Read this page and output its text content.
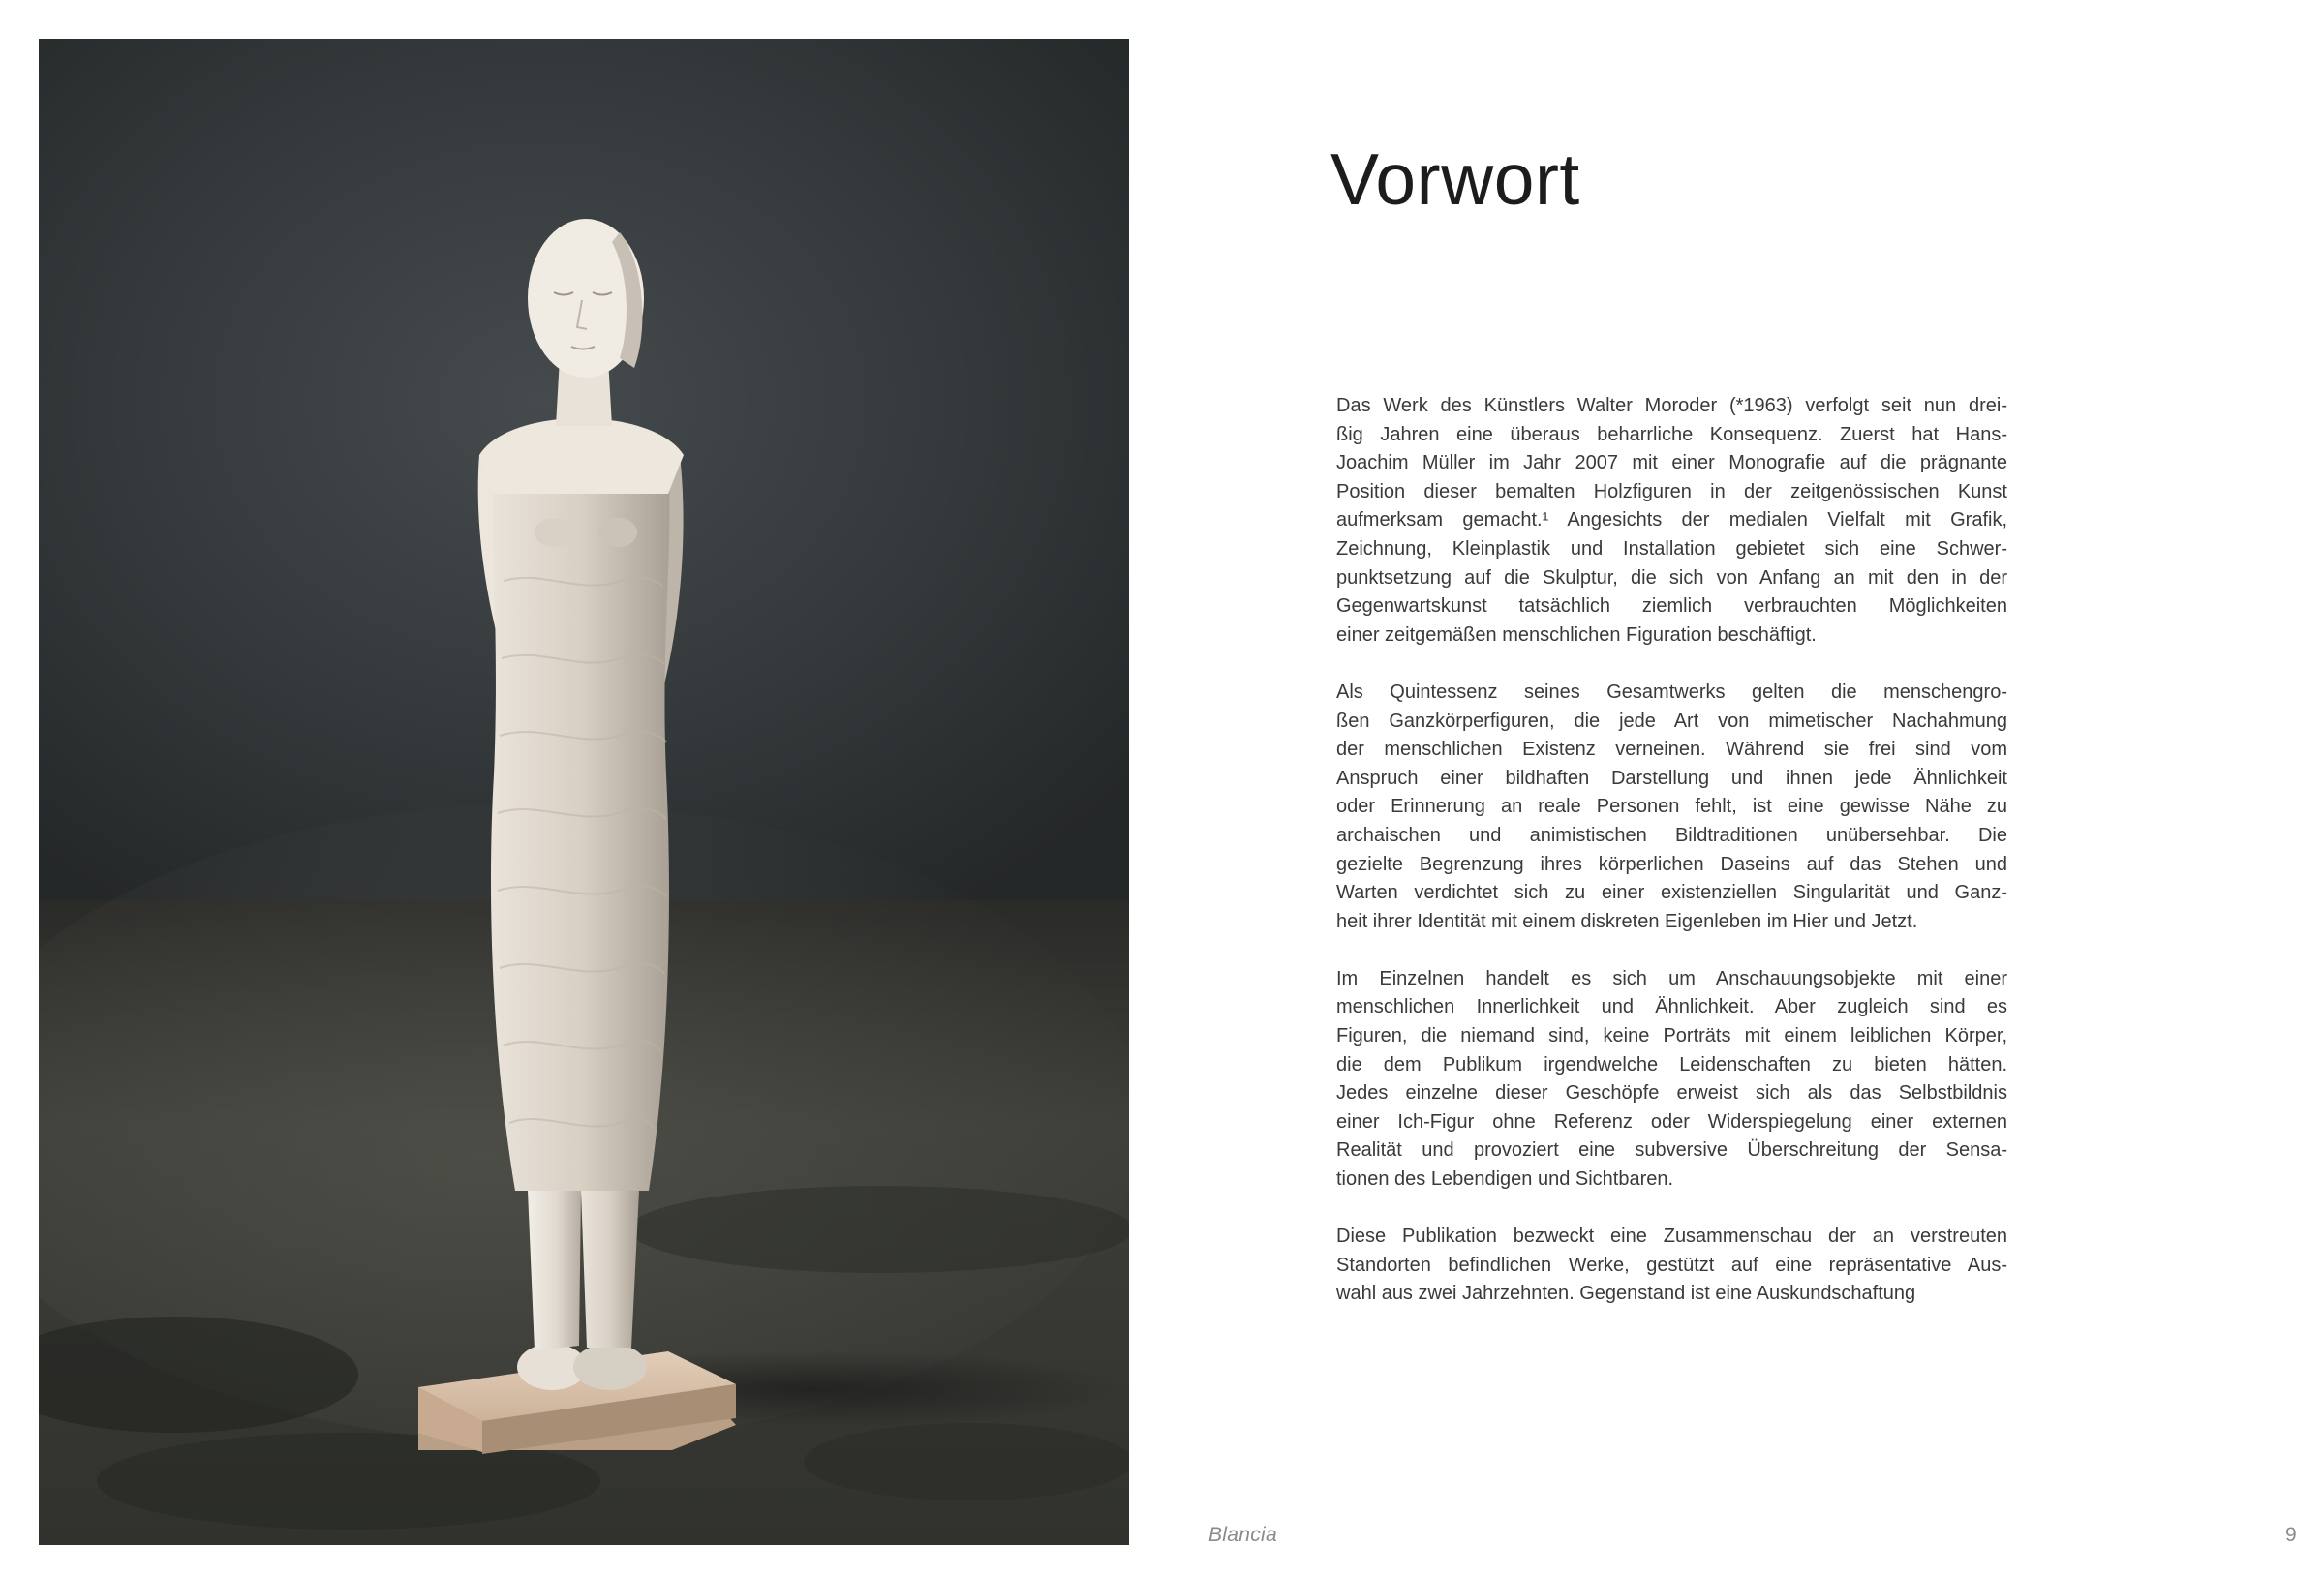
Blancia
Vorwort
Das Werk des Künstlers Walter Moroder (*1963) verfolgt seit nun drei-
ßig Jahren eine überaus beharrliche Konsequenz. Zuerst hat Hans-
Joachim Müller im Jahr 2007 mit einer Monografie auf die prägnante
Position dieser bemalten Holzfiguren in der zeitgenössischen Kunst
aufmerksam gemacht.¹ Angesichts der medialen Vielfalt mit Grafik,
Zeichnung, Kleinplastik und Installation gebietet sich eine Schwer-
punktsetzung auf die Skulptur, die sich von Anfang an mit den in der
Gegenwartskunst tatsächlich ziemlich verbrauchten Möglichkeiten
einer zeitgemäßen menschlichen Figuration beschäftigt.
Als Quintessenz seines Gesamtwerks gelten die menschengro-
ßen Ganzkörperfiguren, die jede Art von mimetischer Nachahmung
der menschlichen Existenz verneinen. Während sie frei sind vom
Anspruch einer bildhaften Darstellung und ihnen jede Ähnlichkeit
oder Erinnerung an reale Personen fehlt, ist eine gewisse Nähe zu
archaischen und animistischen Bildtraditionen unübersehbar. Die
gezielte Begrenzung ihres körperlichen Daseins auf das Stehen und
Warten verdichtet sich zu einer existenziellen Singularität und Ganz-
heit ihrer Identität mit einem diskreten Eigenleben im Hier und Jetzt.
Im Einzelnen handelt es sich um Anschauungsobjekte mit einer
menschlichen Innerlichkeit und Ähnlichkeit. Aber zugleich sind es
Figuren, die niemand sind, keine Porträts mit einem leiblichen Körper,
die dem Publikum irgendwelche Leidenschaften zu bieten hätten.
Jedes einzelne dieser Geschöpfe erweist sich als das Selbstbildnis
einer Ich-Figur ohne Referenz oder Widerspiegelung einer externen
Realität und provoziert eine subversive Überschreitung der Sensa-
tionen des Lebendigen und Sichtbaren.
Diese Publikation bezweckt eine Zusammenschau der an verstreuten
Standorten befindlichen Werke, gestützt auf eine repräsentative Aus-
wahl aus zwei Jahrzehnten. Gegenstand ist eine Auskundschaftung
9
